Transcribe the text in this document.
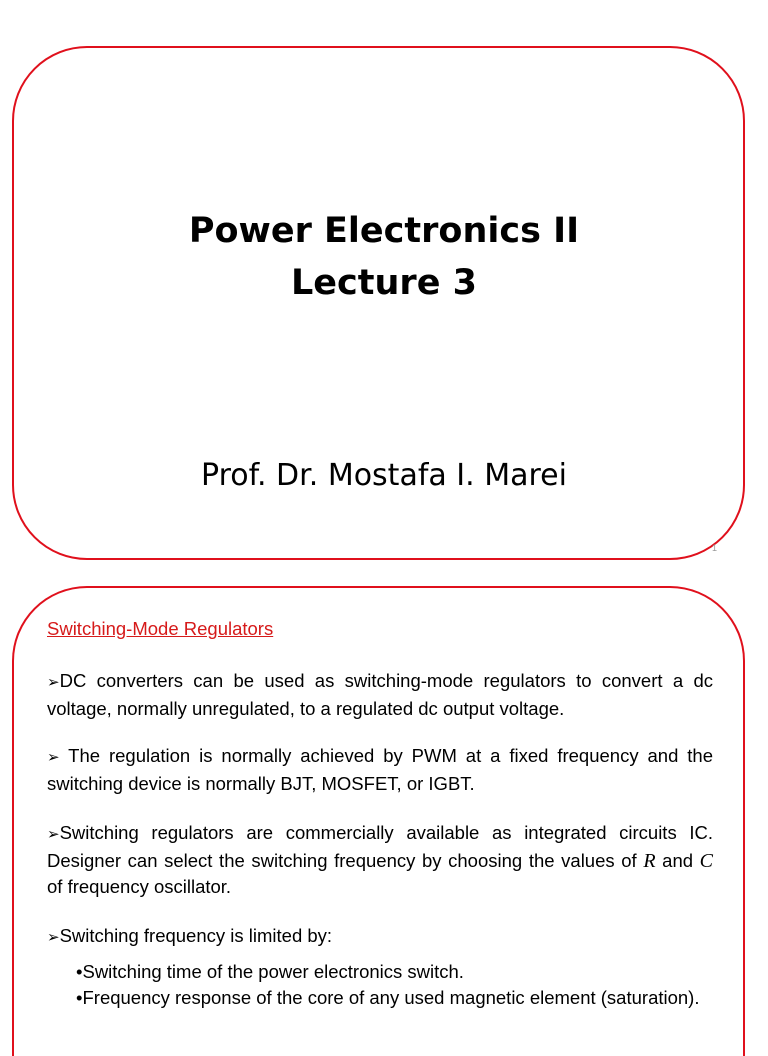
Power Electronics II
Lecture 3
Prof. Dr. Mostafa I. Marei
1
Switching-Mode Regulators

➢DC converters can be used as switching-mode regulators to convert a dc voltage, normally unregulated, to a regulated dc output voltage.

➢ The regulation is normally achieved by PWM at a fixed frequency and the switching device is normally BJT, MOSFET, or IGBT.

➢Switching regulators are commercially available as integrated circuits IC. Designer can select the switching frequency by choosing the values of R and C of frequency oscillator.

➢Switching frequency is limited by:

•Switching time of the power electronics switch.
•Frequency response of the core of any used magnetic element (saturation).
